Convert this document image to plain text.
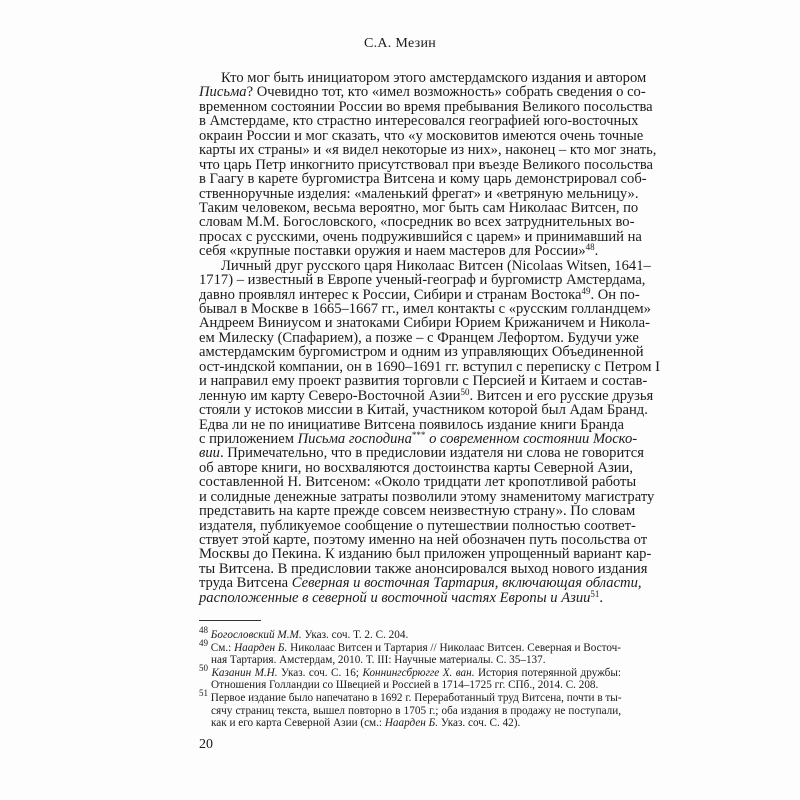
С.А. Мезин
Кто мог быть инициатором этого амстердамского издания и автором
Письма? Очевидно тот, кто «имел возможность» собрать сведения о со-
временном состоянии России во время пребывания Великого посольства
в Амстердаме, кто страстно интересовался географией юго-восточных
окраин России и мог сказать, что «у московитов имеются очень точные
карты их страны» и «я видел некоторые из них», наконец – кто мог знать,
что царь Петр инкогнито присутствовал при въезде Великого посольства
в Гаагу в карете бургомистра Витсена и кому царь демонстрировал соб-
ственноручные изделия: «маленький фрегат» и «ветряную мельницу».
Таким человеком, весьма вероятно, мог быть сам Николаас Витсен, по
словам М.М. Богословского, «посредник во всех затруднительных во-
просах с русскими, очень подружившийся с царем» и принимавший на
себя «крупные поставки оружия и наем мастеров для России»$^{48}$.
Личный друг русского царя Николаас Витсен (Nicolaas Witsen, 1641–
1717) – известный в Европе ученый-географ и бургомистр Амстердама,
давно проявлял интерес к России, Сибири и странам Востока$^{49}$. Он по-
бывал в Москве в 1665–1667 гг., имел контакты с «русским голландцем»
Андреем Виниусом и знатоками Сибири Юрием Крижаничем и Никола-
ем Милеску (Спафарием), а позже – с Францем Лефортом. Будучи уже
амстердамским бургомистром и одним из управляющих Объединенной
ост-индской компании, он в 1690–1691 гг. вступил с переписку с Петром I
и направил ему проект развития торговли с Персией и Китаем и состав-
ленную им карту Северо-Восточной Азии$^{50}$. Витсен и его русские друзья
стояли у истоков миссии в Китай, участником которой был Адам Бранд.
Едва ли не по инициативе Витсена появилось издание книги Бранда
с приложением Письма господина*** о современном состоянии Моско-
вии. Примечательно, что в предисловии издателя ни слова не говорится
об авторе книги, но восхваляются достоинства карты Северной Азии,
составленной Н. Витсеном: «Около тридцати лет кропотливой работы
и солидные денежные затраты позволили этому знаменитому магистрату
представить на карте прежде совсем неизвестную страну». По словам
издателя, публикуемое сообщение о путешествии полностью соответ-
ствует этой карте, поэтому именно на ней обозначен путь посольства от
Москвы до Пекина. К изданию был приложен упрощенный вариант кар-
ты Витсена. В предисловии также анонсировался выход нового издания
труда Витсена Северная и восточная Тартария, включающая области,
расположенные в северной и восточной частях Европы и Азии$^{51}$.
$^{48}$ Богословский М.М. Указ. соч. Т. 2. С. 204.
$^{49}$ См.: Наарден Б. Николаас Витсен и Тартария // Николаас Витсен. Северная и Восточ-
ная Тартария. Амстердам, 2010. Т. III: Научные материалы. С. 35–137.
$^{50}$ Казанин М.Н. Указ. соч. С. 16; Коннингсбрюгге Х. ван. История потерянной дружбы:
Отношения Голландии со Швецией и Россией в 1714–1725 гг. СПб., 2014. С. 208.
$^{51}$ Первое издание было напечатано в 1692 г. Переработанный труд Витсена, почти в ты-
сячу страниц текста, вышел повторно в 1705 г.; оба издания в продажу не поступали,
как и его карта Северной Азии (см.: Наарден Б. Указ. соч. С. 42).
20
